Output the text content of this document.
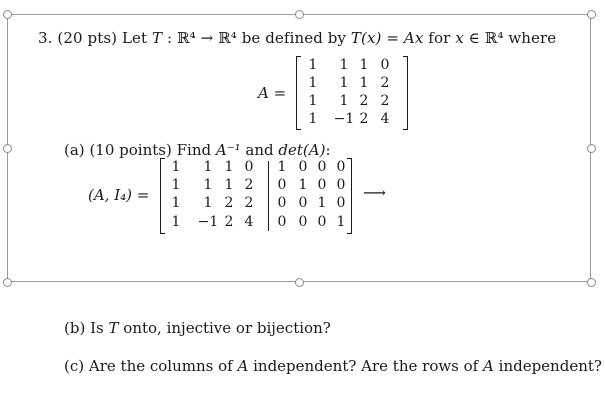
3. (20 pts) Let T : ℝ⁴ → ℝ⁴ be defined by T(x) = Ax for x ∈ ℝ⁴ where
A =
1	1 1 0
1	1 1 2
1	1 2 2
1	−1 2 4
(a) (10 points) Find A⁻¹ and det(A):
(A, I₄) =
1	1 1 0	1 0 0 0
1	1 1 2	0 1 0 0
1	1 2 2	0 0 1 0
1	−1 2 4	0 0 0 1
⟶
(b) Is T onto, injective or bijection?
(c) Are the columns of A independent? Are the rows of A independent?
